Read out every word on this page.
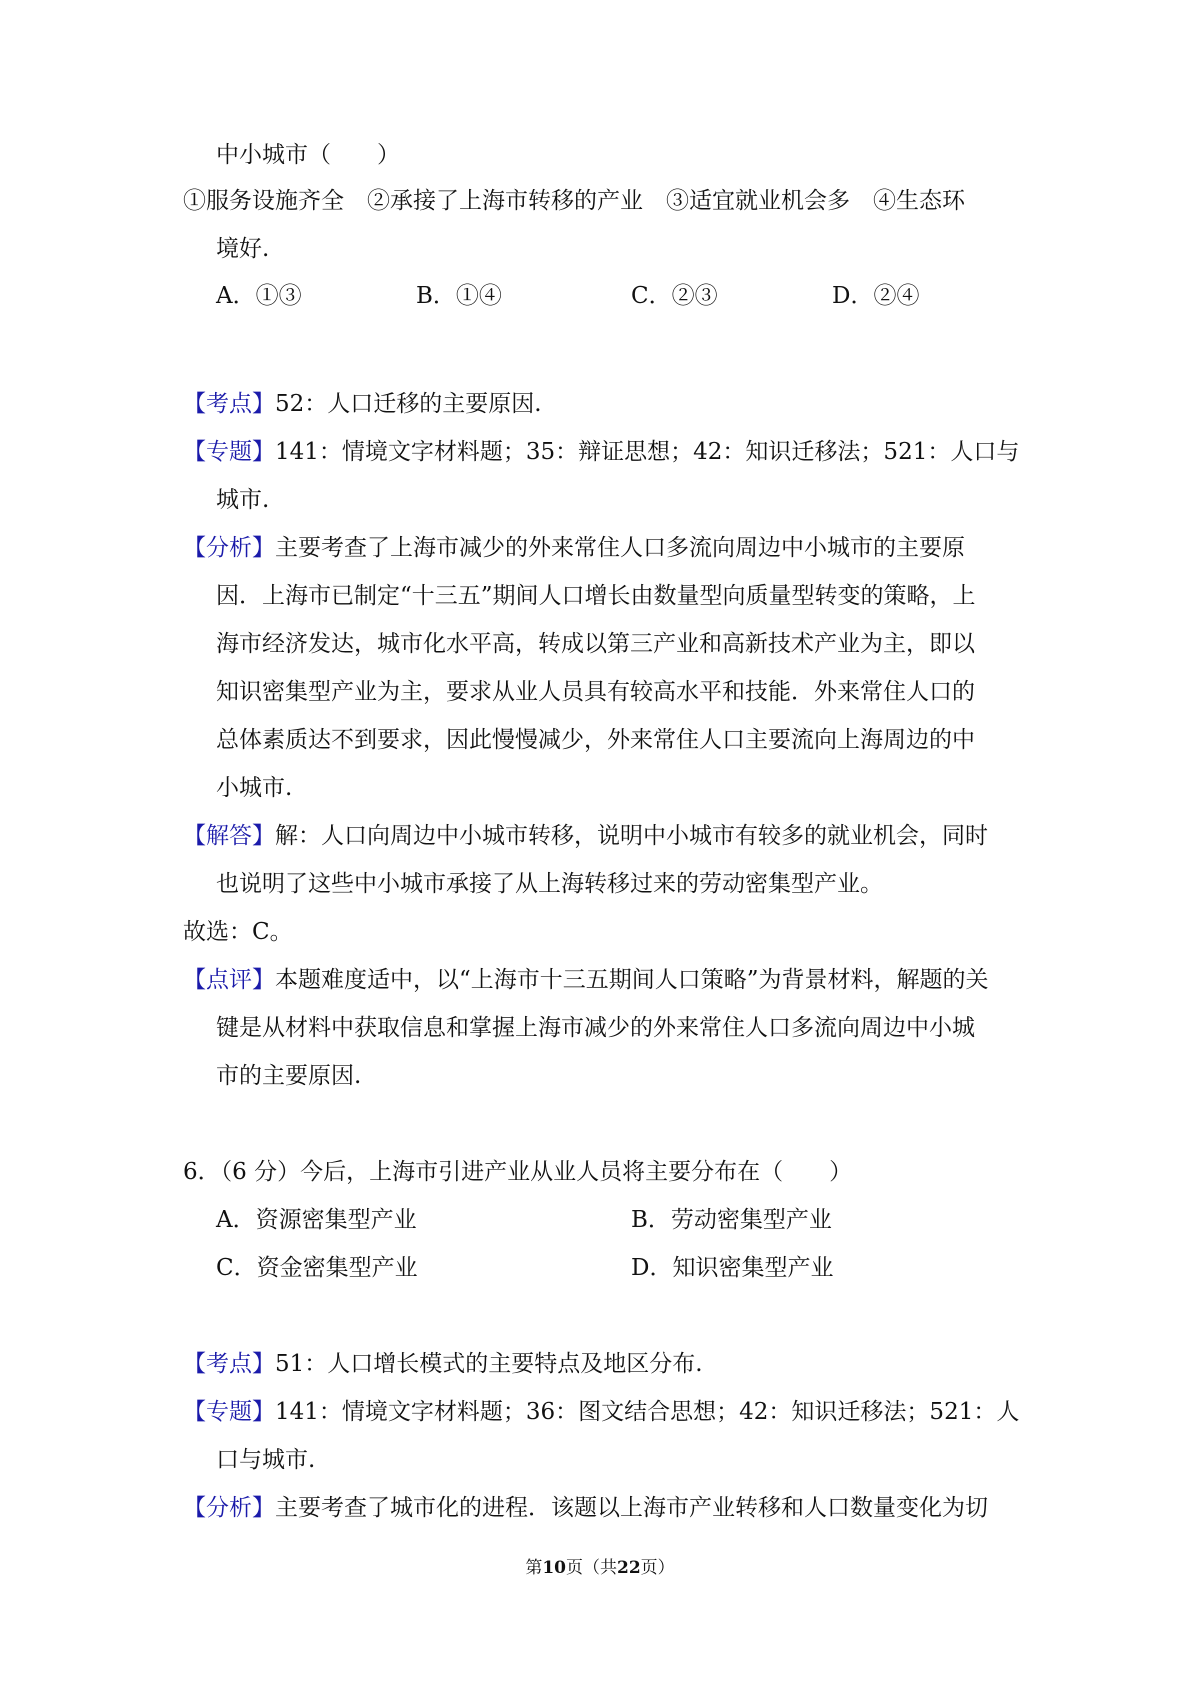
中小城市（　　）
①服务设施齐全　②承接了上海市转移的产业　③适宜就业机会多　④生态环
境好.
A．①③	B．①④	C．②③	D．②④
【考点】52：人口迁移的主要原因.
【专题】141：情境文字材料题；35：辩证思想；42：知识迁移法；521：人口与
城市.
【分析】主要考查了上海市减少的外来常住人口多流向周边中小城市的主要原
因．上海市已制定“十三五”期间人口增长由数量型向质量型转变的策略，上
海市经济发达，城市化水平高，转成以第三产业和高新技术产业为主，即以
知识密集型产业为主，要求从业人员具有较高水平和技能．外来常住人口的
总体素质达不到要求，因此慢慢减少，外来常住人口主要流向上海周边的中
小城市.
【解答】解：人口向周边中小城市转移，说明中小城市有较多的就业机会，同时
也说明了这些中小城市承接了从上海转移过来的劳动密集型产业。
故选：C。
【点评】本题难度适中，以“上海市十三五期间人口策略”为背景材料，解题的关
键是从材料中获取信息和掌握上海市减少的外来常住人口多流向周边中小城
市的主要原因.
6．（6 分）今后，上海市引进产业从业人员将主要分布在（　　）
A．资源密集型产业	B．劳动密集型产业
C．资金密集型产业	D．知识密集型产业
【考点】51：人口增长模式的主要特点及地区分布.
【专题】141：情境文字材料题；36：图文结合思想；42：知识迁移法；521：人
口与城市.
【分析】主要考查了城市化的进程．该题以上海市产业转移和人口数量变化为切
第10页（共22页）
